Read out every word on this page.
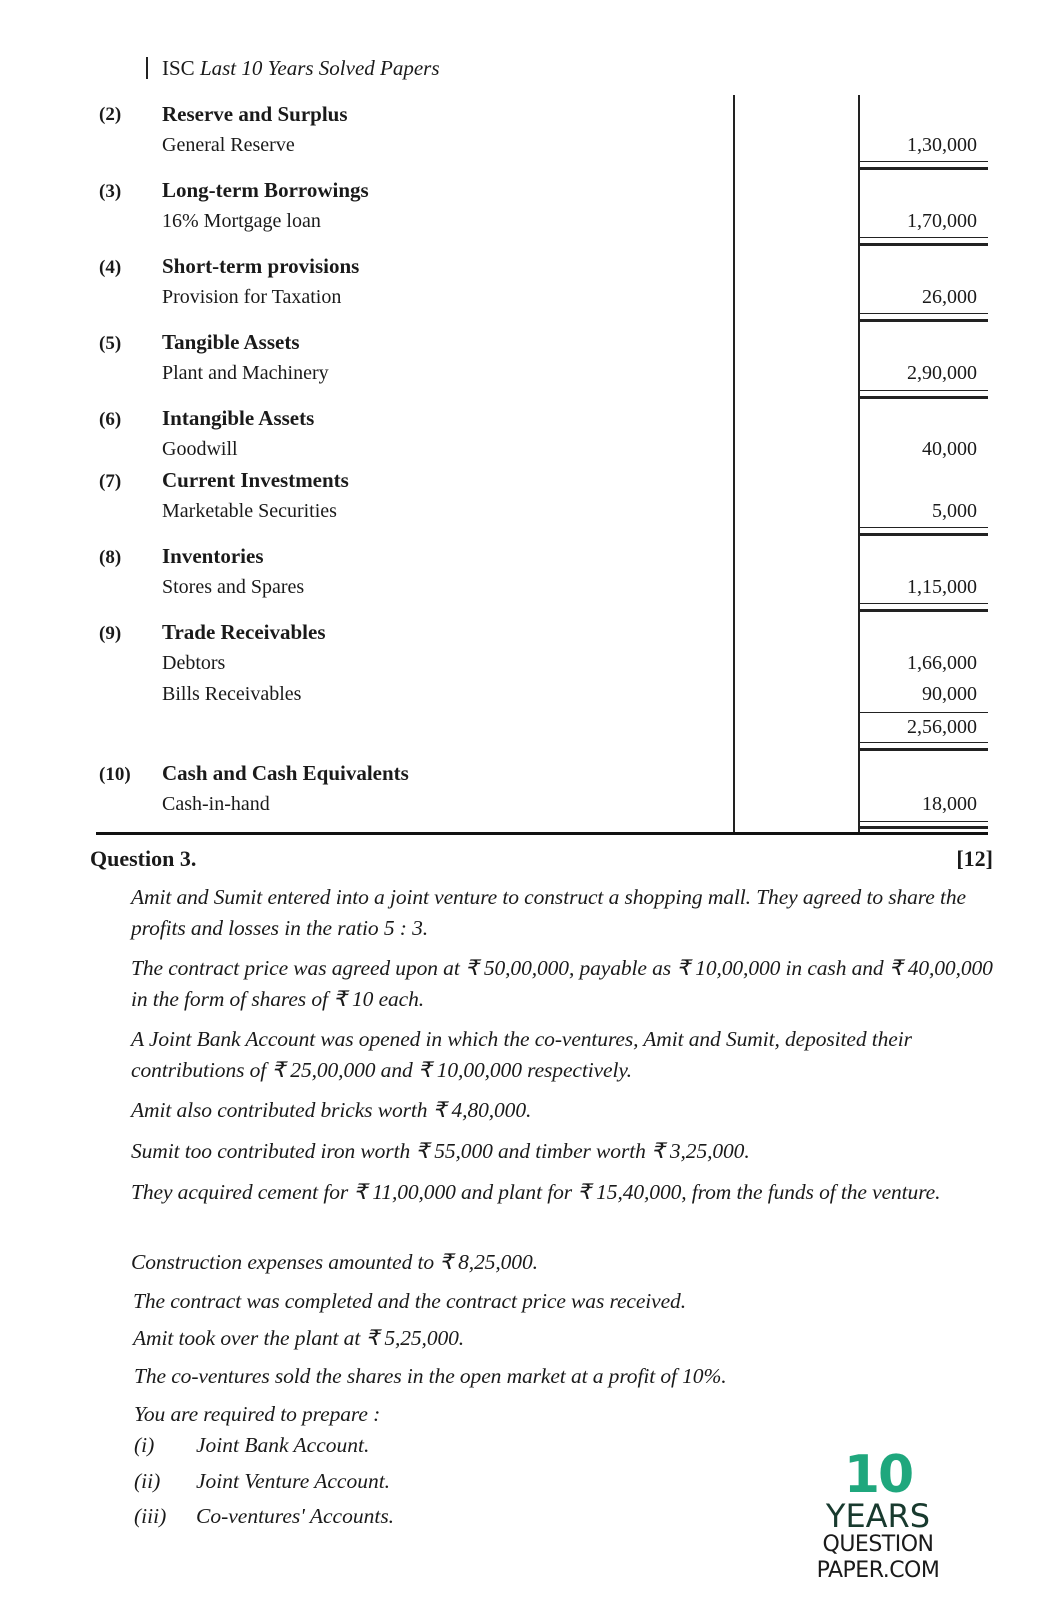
ISC Last 10 Years Solved Papers
(2) Reserve and Surplus
General Reserve	1,30,000
(3) Long-term Borrowings
16% Mortgage loan	1,70,000
(4) Short-term provisions
Provision for Taxation	26,000
(5) Tangible Assets
Plant and Machinery	2,90,000
(6) Intangible Assets
Goodwill	40,000
(7) Current Investments
Marketable Securities	5,000
(8) Inventories
Stores and Spares	1,15,000
(9) Trade Receivables
Debtors	1,66,000
Bills Receivables	90,000
2,56,000
(10) Cash and Cash Equivalents
Cash-in-hand	18,000
Question 3.	[12]
Amit and Sumit entered into a joint venture to construct a shopping mall. They agreed to share the profits and losses in the ratio 5 : 3.
The contract price was agreed upon at ₹ 50,00,000, payable as ₹ 10,00,000 in cash and ₹ 40,00,000 in the form of shares of ₹ 10 each.
A Joint Bank Account was opened in which the co-ventures, Amit and Sumit, deposited their contributions of ₹ 25,00,000 and ₹ 10,00,000 respectively.
Amit also contributed bricks worth ₹ 4,80,000.
Sumit too contributed iron worth ₹ 55,000 and timber worth ₹ 3,25,000.
They acquired cement for ₹ 11,00,000 and plant for ₹ 15,40,000, from the funds of the venture.
Construction expenses amounted to ₹ 8,25,000.
The contract was completed and the contract price was received.
Amit took over the plant at ₹ 5,25,000.
The co-ventures sold the shares in the open market at a profit of 10%.
You are required to prepare :
(i) Joint Bank Account.
(ii) Joint Venture Account.
(iii) Co-ventures' Accounts.
10
YEARS
QUESTION PAPER.COM
